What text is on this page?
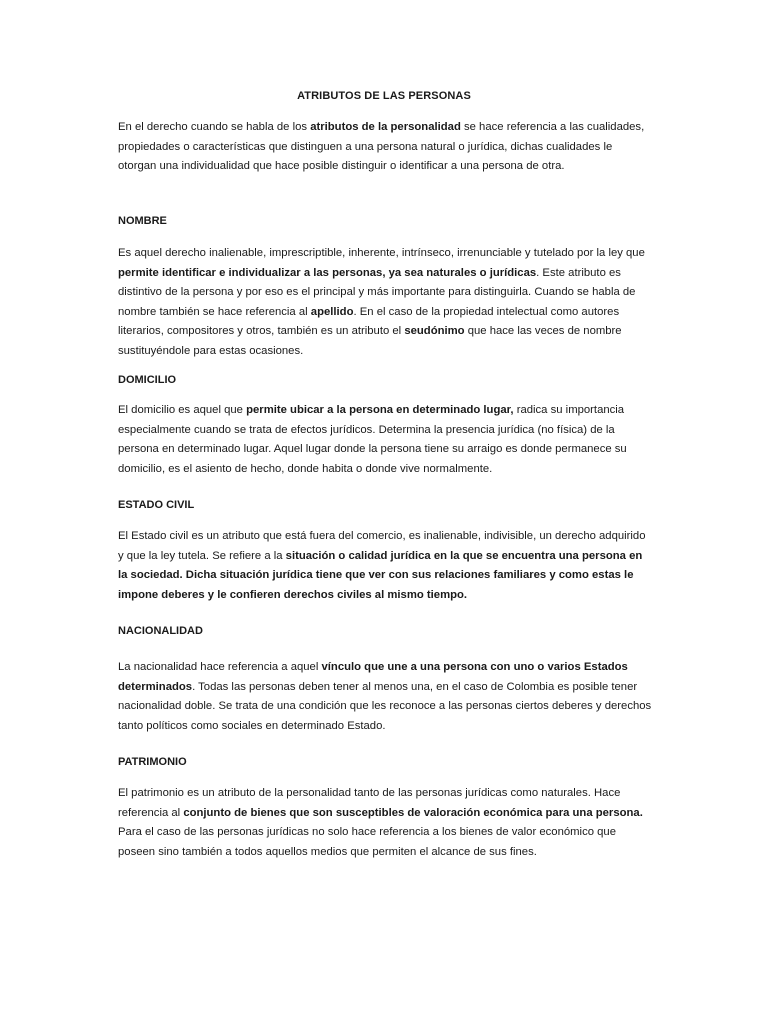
ATRIBUTOS DE LAS PERSONAS

En el derecho cuando se habla de los atributos de la personalidad se hace referencia a las cualidades, propiedades o características que distinguen a una persona natural o jurídica, dichas cualidades le otorgan una individualidad que hace posible distinguir o identificar a una persona de otra.

NOMBRE

Es aquel derecho inalienable, imprescriptible, inherente, intrínseco, irrenunciable y tutelado por la ley que permite identificar e individualizar a las personas, ya sea naturales o jurídicas. Este atributo es distintivo de la persona y por eso es el principal y más importante para distinguirla. Cuando se habla de nombre también se hace referencia al apellido. En el caso de la propiedad intelectual como autores literarios, compositores y otros, también es un atributo el seudónimo que hace las veces de nombre sustituyéndole para estas ocasiones.

DOMICILIO

El domicilio es aquel que permite ubicar a la persona en determinado lugar, radica su importancia especialmente cuando se trata de efectos jurídicos. Determina la presencia jurídica (no física) de la persona en determinado lugar. Aquel lugar donde la persona tiene su arraigo es donde permanece su domicilio, es el asiento de hecho, donde habita o donde vive normalmente.

ESTADO CIVIL

El Estado civil es un atributo que está fuera del comercio, es inalienable, indivisible, un derecho adquirido y que la ley tutela. Se refiere a la situación o calidad jurídica en la que se encuentra una persona en la sociedad. Dicha situación jurídica tiene que ver con sus relaciones familiares y como estas le impone deberes y le confieren derechos civiles al mismo tiempo.

NACIONALIDAD

La nacionalidad hace referencia a aquel vínculo que une a una persona con uno o varios Estados determinados. Todas las personas deben tener al menos una, en el caso de Colombia es posible tener nacionalidad doble. Se trata de una condición que les reconoce a las personas ciertos deberes y derechos tanto políticos como sociales en determinado Estado.

PATRIMONIO

El patrimonio es un atributo de la personalidad tanto de las personas jurídicas como naturales. Hace referencia al conjunto de bienes que son susceptibles de valoración económica para una persona. Para el caso de las personas jurídicas no solo hace referencia a los bienes de valor económico que poseen sino también a todos aquellos medios que permiten el alcance de sus fines.
